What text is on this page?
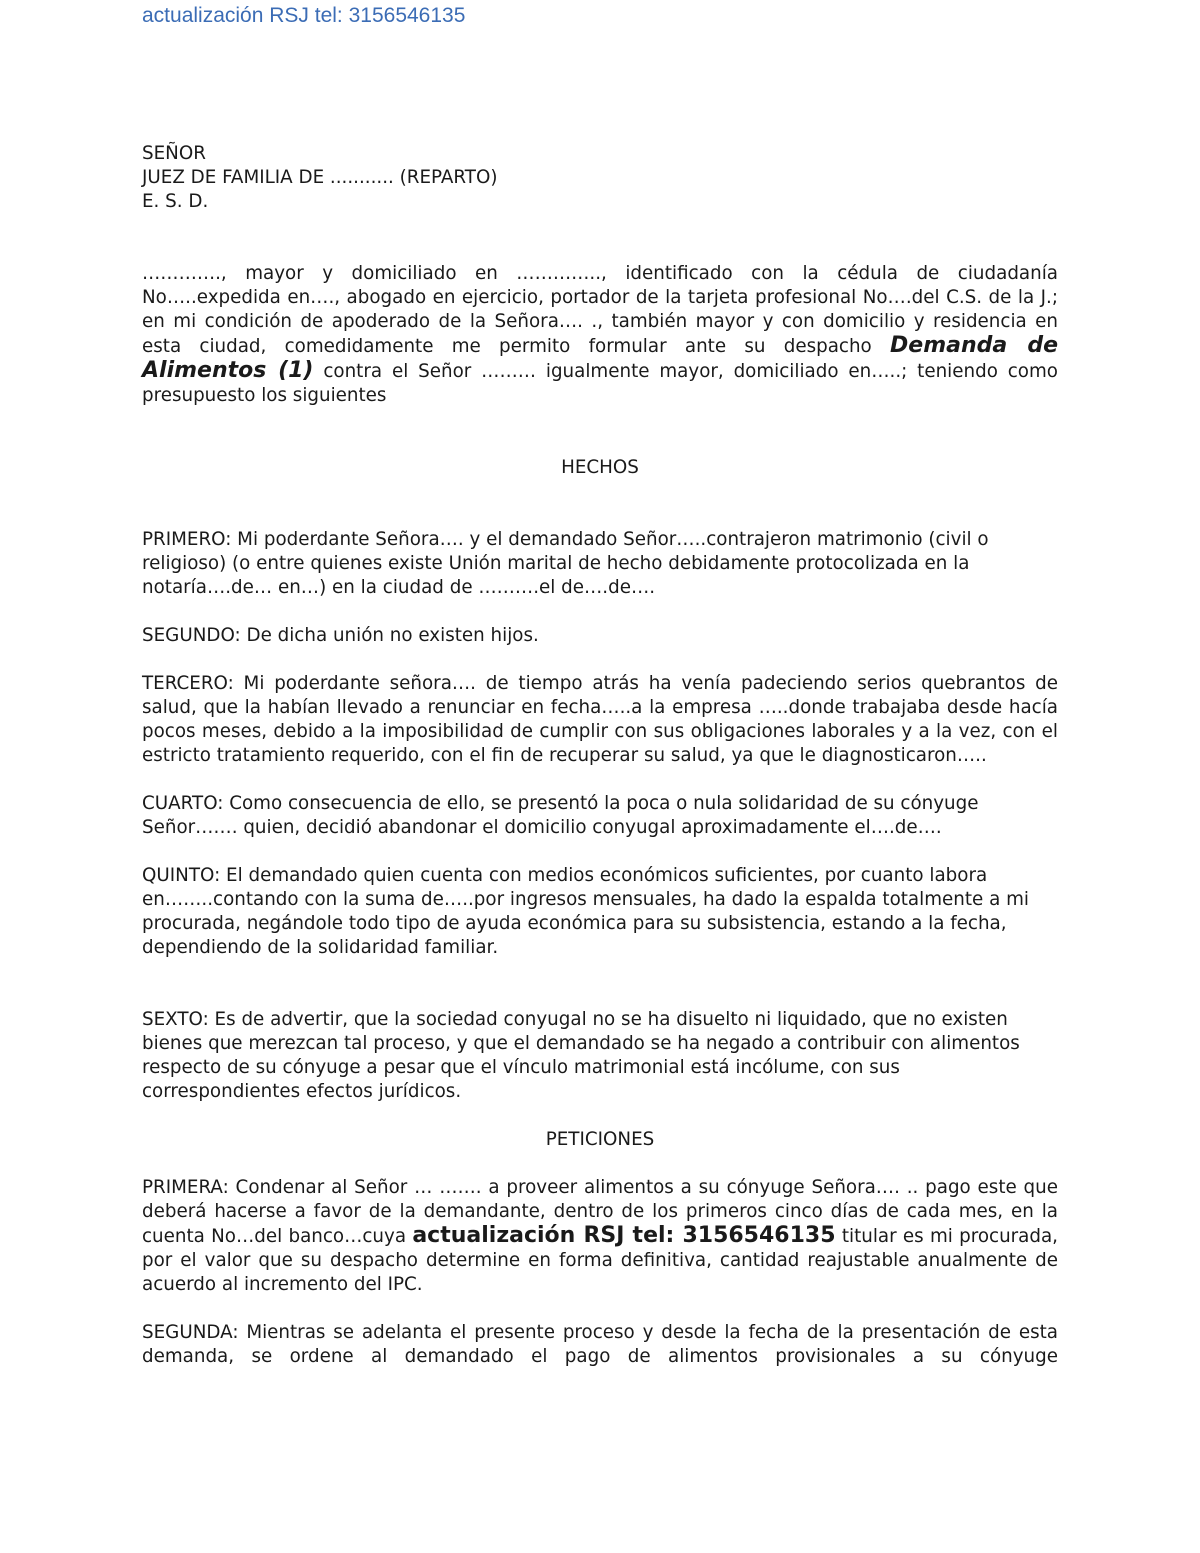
actualización RSJ tel: 3156546135

SEÑOR

JUEZ DE FAMILIA DE ........... (REPARTO)

E. S. D.

…………., mayor y domiciliado en ………….., identificado con la cédula de ciudadanía No…..expedida en…., abogado en ejercicio, portador de la tarjeta profesional No….del C.S. de la J.; en mi condición de apoderado de la Señora…. ., también mayor y con domicilio y residencia en esta ciudad, comedidamente me permito formular ante su despacho Demanda de Alimentos (1) contra el Señor ……… igualmente mayor, domiciliado en…..; teniendo como presupuesto los siguientes

HECHOS

PRIMERO: Mi poderdante Señora…. y el demandado Señor…..contrajeron matrimonio (civil o religioso) (o entre quienes existe Unión marital de hecho debidamente protocolizada en la notaría….de… en…) en la ciudad de ……….el de….de….

SEGUNDO: De dicha unión no existen hijos.

TERCERO: Mi poderdante señora…. de tiempo atrás ha venía padeciendo serios quebrantos de salud, que la habían llevado a renunciar en fecha…..a la empresa …..donde trabajaba desde hacía pocos meses, debido a la imposibilidad de cumplir con sus obligaciones laborales y a la vez, con el estricto tratamiento requerido, con el fin de recuperar su salud, ya que le diagnosticaron…..

CUARTO: Como consecuencia de ello, se presentó la poca o nula solidaridad de su cónyuge Señor……. quien, decidió abandonar el domicilio conyugal aproximadamente el….de….

QUINTO: El demandado quien cuenta con medios económicos suficientes, por cuanto labora en……..contando con la suma de…..por ingresos mensuales, ha dado la espalda totalmente a mi procurada, negándole todo tipo de ayuda económica para su subsistencia, estando a la fecha, dependiendo de la solidaridad familiar.

SEXTO: Es de advertir, que la sociedad conyugal no se ha disuelto ni liquidado, que no existen bienes que merezcan tal proceso, y que el demandado se ha negado a contribuir con alimentos respecto de su cónyuge a pesar que el vínculo matrimonial está incólume, con sus correspondientes efectos jurídicos.

PETICIONES

PRIMERA: Condenar al Señor … ……. a proveer alimentos a su cónyuge Señora…. .. pago este que deberá hacerse a favor de la demandante, dentro de los primeros cinco días de cada mes, en la cuenta No…del banco…cuya actualización RSJ tel: 3156546135 titular es mi procurada, por el valor que su despacho determine en forma definitiva, cantidad reajustable anualmente de acuerdo al incremento del IPC.

SEGUNDA: Mientras se adelanta el presente proceso y desde la fecha de la presentación de esta demanda, se ordene al demandado el pago de alimentos provisionales a su cónyuge
